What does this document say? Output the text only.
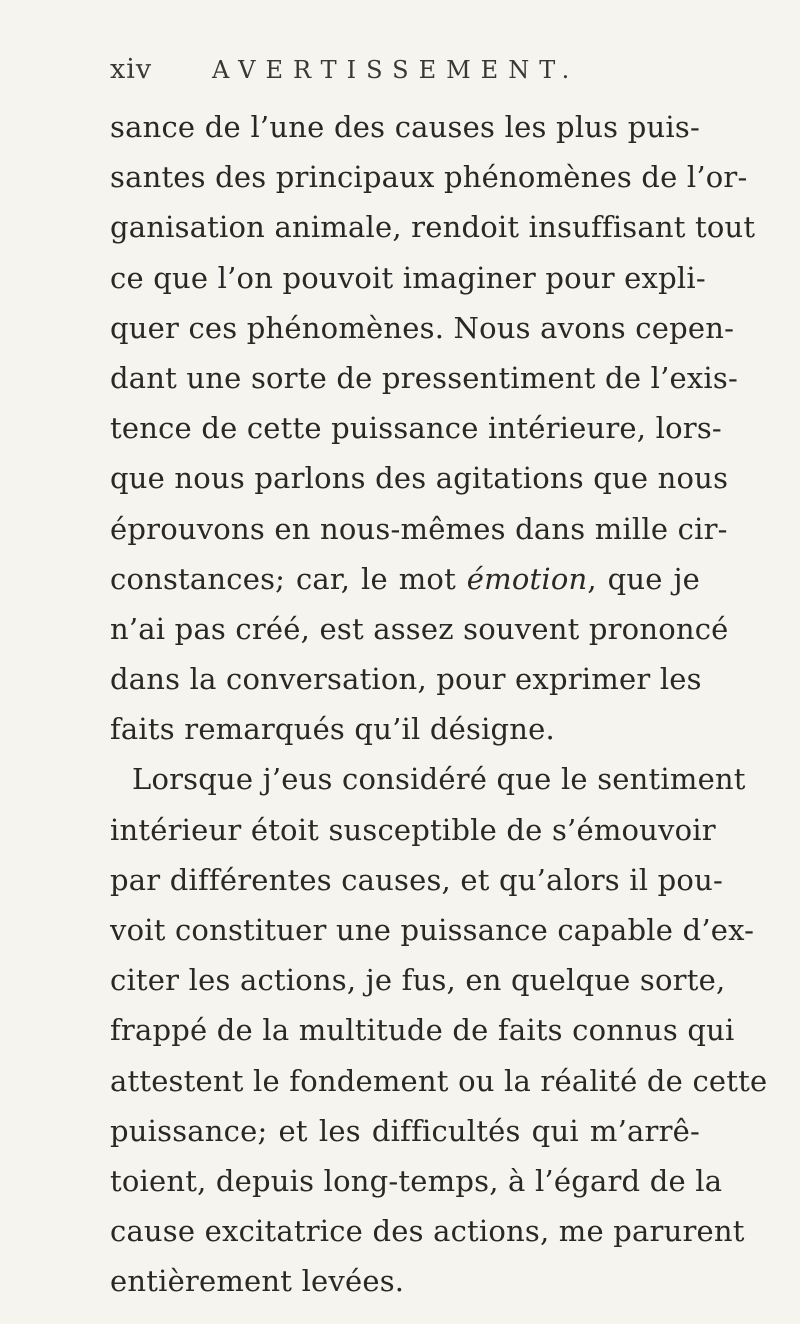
xiv AVERTISSEMENT.
sance de l’une des causes les plus puis-
santes des principaux phénomènes de l’or-
ganisation animale, rendoit insuffisant tout
ce que l’on pouvoit imaginer pour expli-
quer ces phénomènes. Nous avons cepen-
dant une sorte de pressentiment de l’exis-
tence de cette puissance intérieure, lors-
que nous parlons des agitations que nous
éprouvons en nous-mêmes dans mille cir-
constances; car, le mot émotion, que je
n’ai pas créé, est assez souvent prononcé
dans la conversation, pour exprimer les
faits remarqués qu’il désigne.
Lorsque j’eus considéré que le sentiment
intérieur étoit susceptible de s’émouvoir
par différentes causes, et qu’alors il pou-
voit constituer une puissance capable d’ex-
citer les actions, je fus, en quelque sorte,
frappé de la multitude de faits connus qui
attestent le fondement ou la réalité de cette
puissance; et les difficultés qui m’arrê-
toient, depuis long-temps, à l’égard de la
cause excitatrice des actions, me parurent
entièrement levées.
